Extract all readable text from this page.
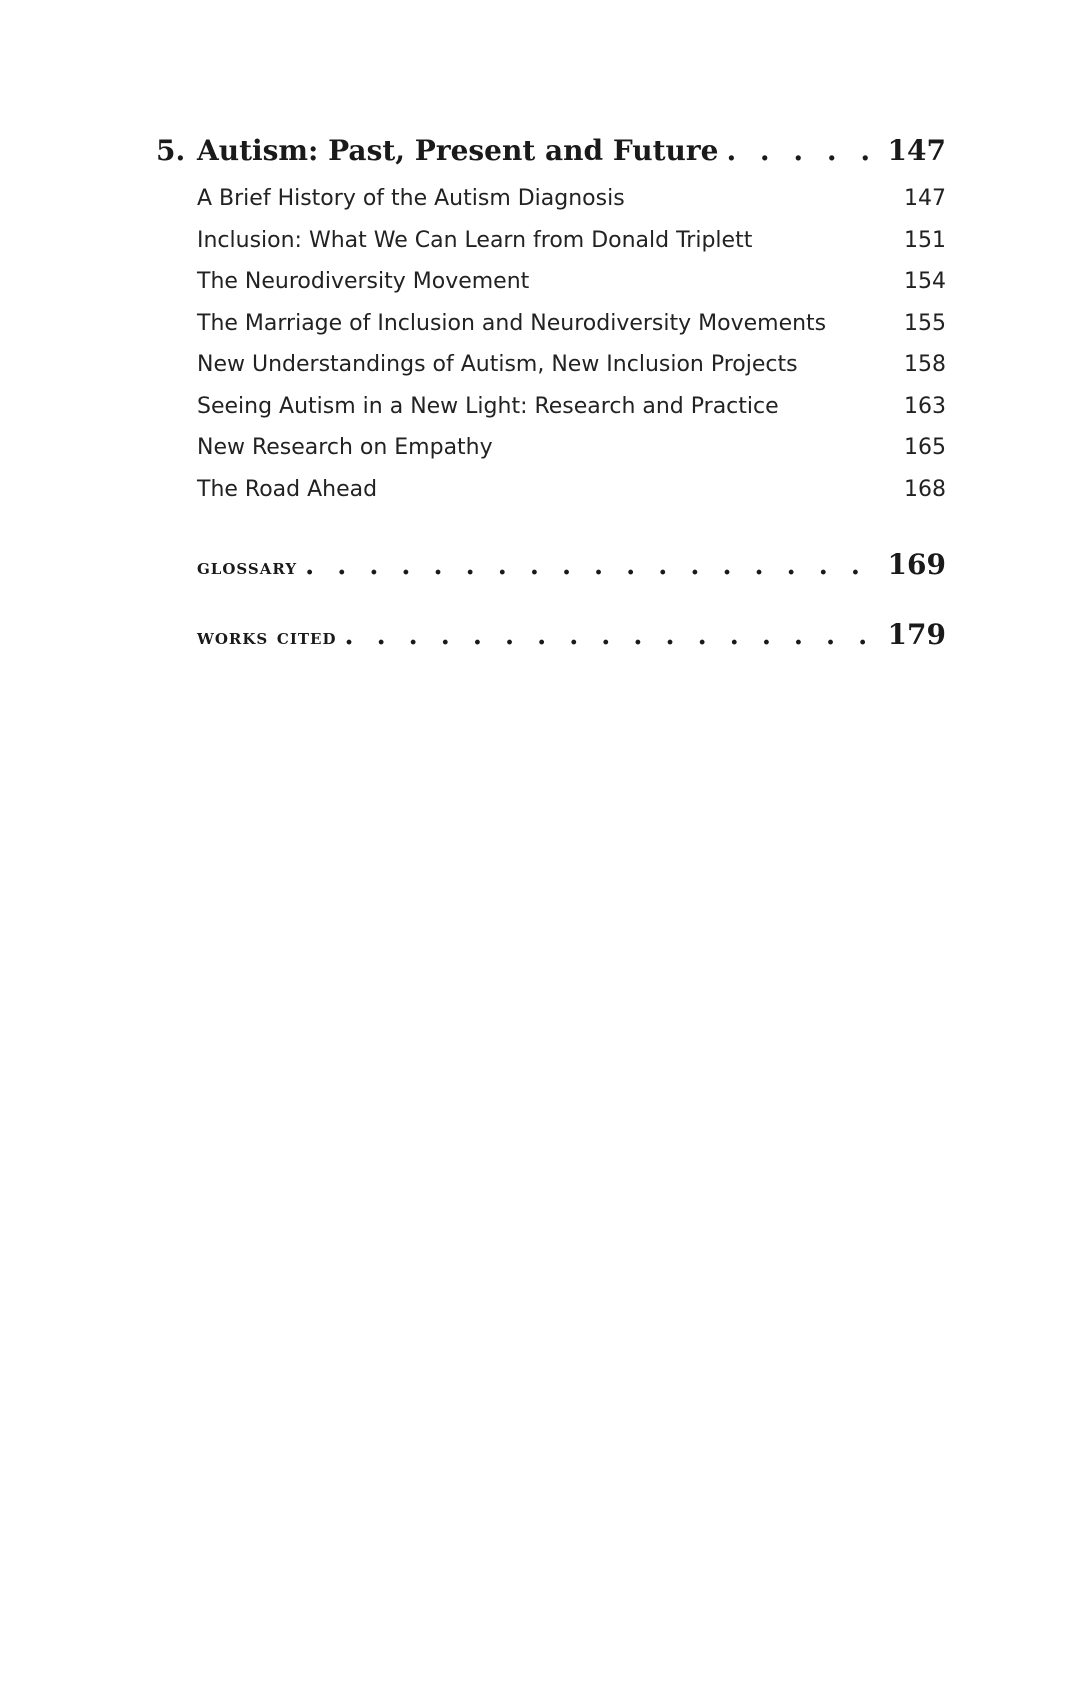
5. Autism: Past, Present and Future . . .	147
A Brief History of the Autism Diagnosis	147
Inclusion: What We Can Learn from Donald Triplett	151
The Neurodiversity Movement	154
The Marriage of Inclusion and Neurodiversity Movements	155
New Understandings of Autism, New Inclusion Projects	158
Seeing Autism in a New Light: Research and Practice	163
New Research on Empathy	165
The Road Ahead	168
glossary . . .	169
works cited . . .	179
